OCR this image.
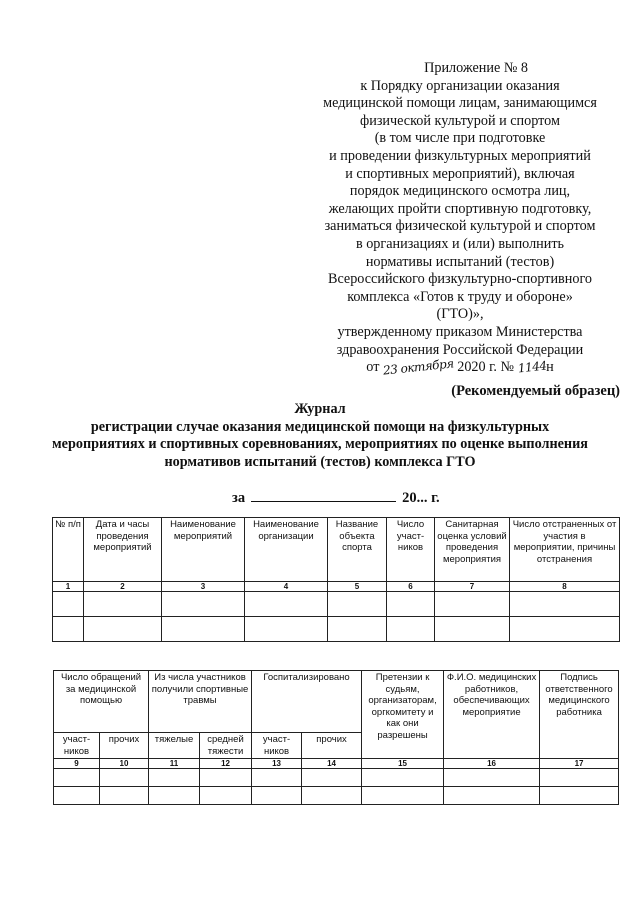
Приложение № 8
к Порядку организации оказания
медицинской помощи лицам, занимающимся
физической культурой и спортом
(в том числе при подготовке
и проведении физкультурных мероприятий
и спортивных мероприятий), включая
порядок медицинского осмотра лиц,
желающих пройти спортивную подготовку,
заниматься физической культурой и спортом
в организациях и (или) выполнить
нормативы испытаний (тестов)
Всероссийского физкультурно-спортивного
комплекса «Готов к труду и обороне»
(ГТО)»,
утвержденному приказом Министерства
здравоохранения Российской Федерации
от 23 октября 2020 г. № 1144н
(Рекомендуемый образец)
Журнал
регистрации случае оказания медицинской помощи на физкультурных
мероприятиях и спортивных соревнованиях, мероприятиях по оценке выполнения
нормативов испытаний (тестов) комплекса ГТО
за	20... г.
№ п/п	Дата и часы проведения мероприятий	Наименование мероприятий	Наименование организации	Название объекта спорта	Число участ-ников	Санитарная оценка условий проведения мероприятия	Число отстраненных от участия в мероприятии, причины отстранения
1	2	3	4	5	6	7	8

Число обращений за медицинской помощью		Из числа участников получили спортивные травмы		Госпитализировано		Претензии к судьям, организаторам, оргкомитету и как они разрешены	Ф.И.О. медицинских работников, обеспечивающих мероприятие	Подпись ответственного медицинского работника
участ-ников	прочих	тяжелые	средней тяжести	участ-ников	прочих			
9	10	11	12	13	14	15	16	17
